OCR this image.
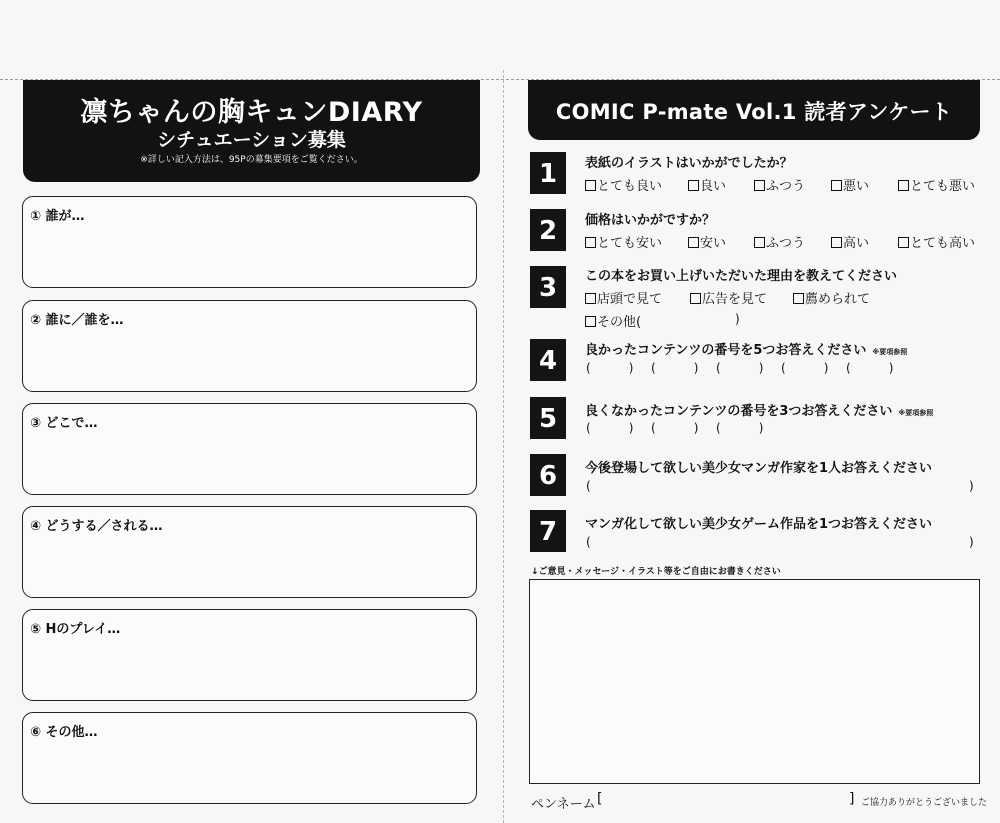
凛ちゃんの胸キュンDIARY
シチュエーション募集
※詳しい記入方法は、95Pの募集要項をご覧ください。
① 誰が…
② 誰に／誰を…
③ どこで…
④ どうする／される…
⑤ Hのプレイ…
⑥ その他…
COMIC P-mate Vol.1 読者アンケート
1	表紙のイラストはいかがでしたか？
とても良い	良い	ふつう	悪い	とても悪い
2	価格はいかがですか？
とても安い	安い	ふつう	高い	とても高い
3	この本をお買い上げいただいた理由を教えてください
店頭で見て	広告を見て	薦められて
その他(	)
4	良かったコンテンツの番号を5つお答えください ※要項参照
(	) (	) (	) (	) (	)
5	良くなかったコンテンツの番号を3つお答えください ※要項参照
(	) (	) (	)
6	今後登場して欲しい美少女マンガ作家を1人お答えください
(	)
7	マンガ化して欲しい美少女ゲーム作品を1つお答えください
(	)
↓ご意見・メッセージ・イラスト等をご自由にお書きください
ペンネーム [	] ご協力ありがとうございました
